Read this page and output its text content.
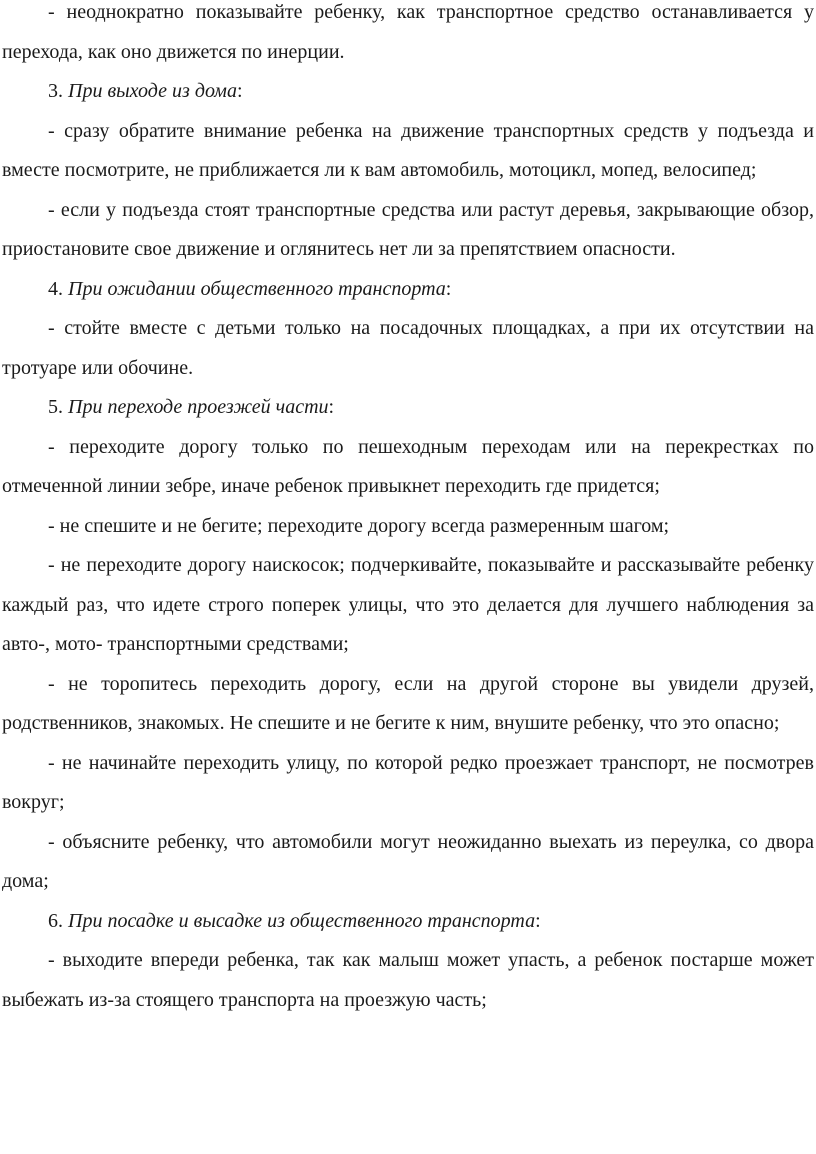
- неоднократно показывайте ребенку, как транспортное средство останавливается у перехода, как оно движется по инерции.

3. При выходе из дома:

- сразу обратите внимание ребенка на движение транспортных средств у подъезда и вместе посмотрите, не приближается ли к вам автомобиль, мотоцикл, мопед, велосипед;

- если у подъезда стоят транспортные средства или растут деревья, закрывающие обзор, приостановите свое движение и оглянитесь нет ли за препятствием опасности.

4. При ожидании общественного транспорта:

- стойте вместе с детьми только на посадочных площадках, а при их отсутствии на тротуаре или обочине.

5. При переходе проезжей части:

- переходите дорогу только по пешеходным переходам или на перекрестках по отмеченной линии зебре, иначе ребенок привыкнет переходить где придется;

- не спешите и не бегите; переходите дорогу всегда размеренным шагом;

- не переходите дорогу наискосок; подчеркивайте, показывайте и рассказывайте ребенку каждый раз, что идете строго поперек улицы, что это делается для лучшего наблюдения за авто-, мото- транспортными средствами;

- не торопитесь переходить дорогу, если на другой стороне вы увидели друзей, родственников, знакомых. Не спешите и не бегите к ним, внушите ребенку, что это опасно;

- не начинайте переходить улицу, по которой редко проезжает транспорт, не посмотрев вокруг;

- объясните ребенку, что автомобили могут неожиданно выехать из переулка, со двора дома;

6. При посадке и высадке из общественного транспорта:

- выходите впереди ребенка, так как малыш может упасть, а ребенок постарше может выбежать из-за стоящего транспорта на проезжую часть;
